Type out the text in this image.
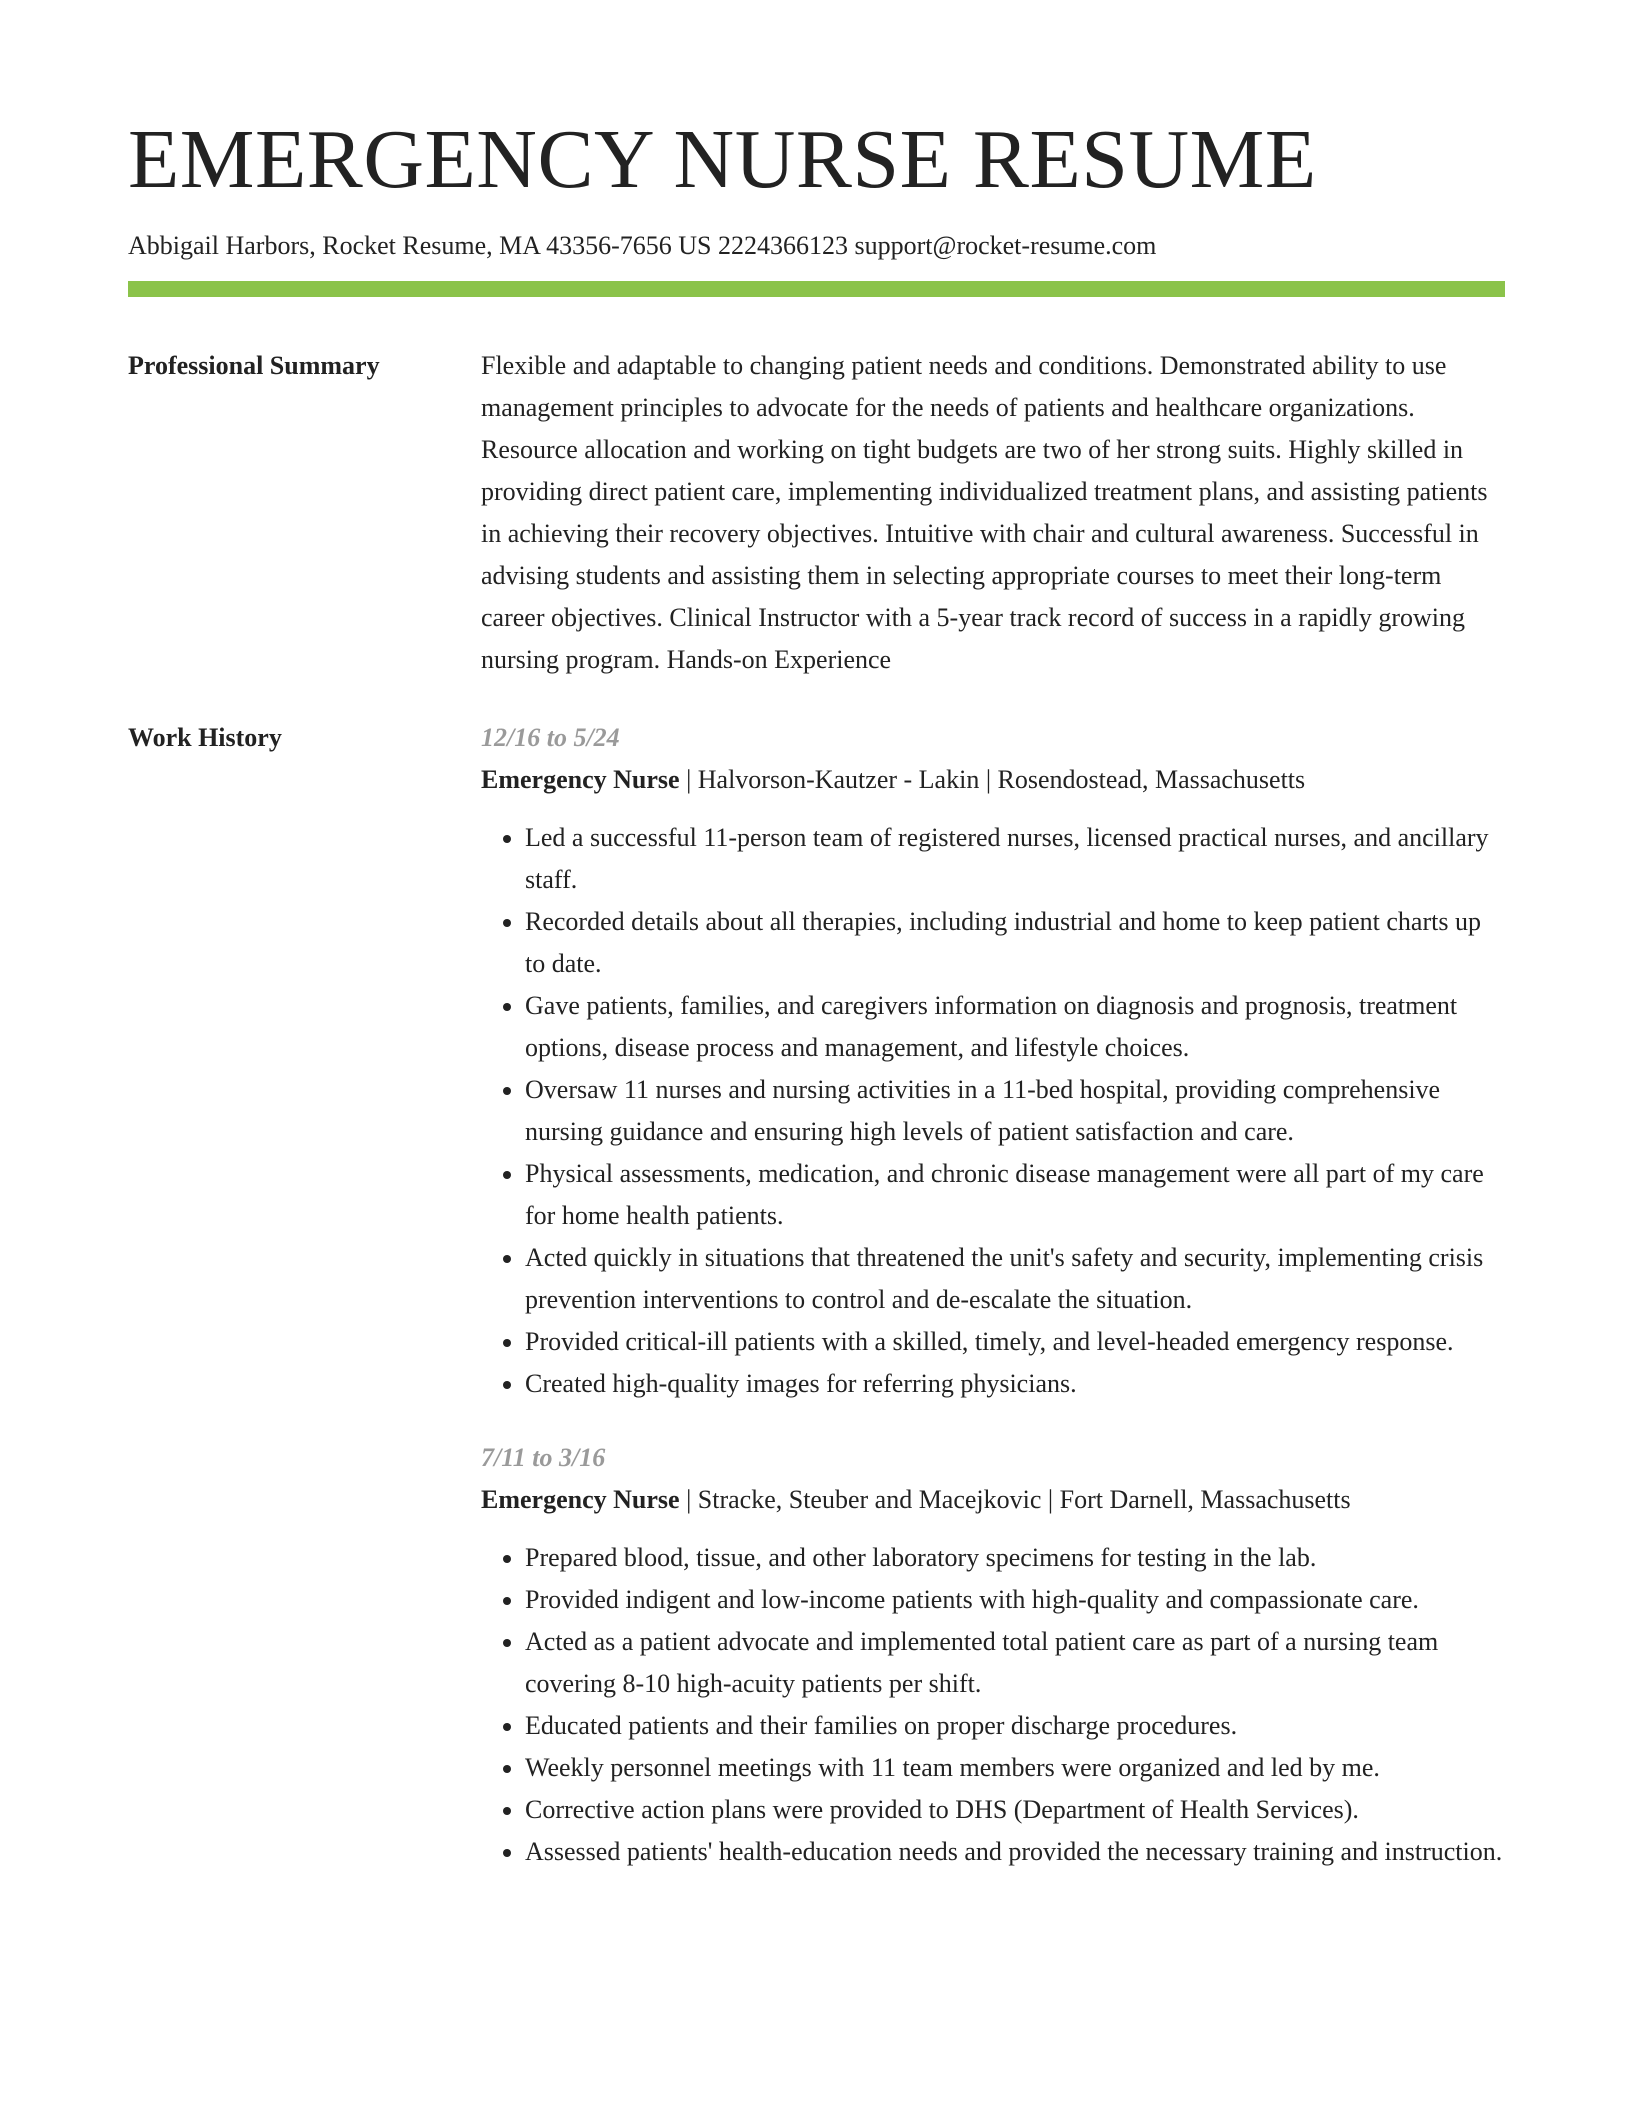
EMERGENCY NURSE RESUME
Abbigail Harbors, Rocket Resume, MA 43356-7656 US 2224366123 support@rocket-resume.com
Professional Summary	Flexible and adaptable to changing patient needs and conditions. Demonstrated ability to use management principles to advocate for the needs of patients and healthcare organizations. Resource allocation and working on tight budgets are two of her strong suits. Highly skilled in providing direct patient care, implementing individualized treatment plans, and assisting patients in achieving their recovery objectives. Intuitive with chair and cultural awareness. Successful in advising students and assisting them in selecting appropriate courses to meet their long-term career objectives. Clinical Instructor with a 5-year track record of success in a rapidly growing nursing program. Hands-on Experience

Work History	12/16 to 5/24
Emergency Nurse | Halvorson-Kautzer - Lakin | Rosendostead, Massachusetts
• Led a successful 11-person team of registered nurses, licensed practical nurses, and ancillary staff.
• Recorded details about all therapies, including industrial and home to keep patient charts up to date.
• Gave patients, families, and caregivers information on diagnosis and prognosis, treatment options, disease process and management, and lifestyle choices.
• Oversaw 11 nurses and nursing activities in a 11-bed hospital, providing comprehensive nursing guidance and ensuring high levels of patient satisfaction and care.
• Physical assessments, medication, and chronic disease management were all part of my care for home health patients.
• Acted quickly in situations that threatened the unit's safety and security, implementing crisis prevention interventions to control and de-escalate the situation.
• Provided critical-ill patients with a skilled, timely, and level-headed emergency response.
• Created high-quality images for referring physicians.
7/11 to 3/16
Emergency Nurse | Stracke, Steuber and Macejkovic | Fort Darnell, Massachusetts
• Prepared blood, tissue, and other laboratory specimens for testing in the lab.
• Provided indigent and low-income patients with high-quality and compassionate care.
• Acted as a patient advocate and implemented total patient care as part of a nursing team covering 8-10 high-acuity patients per shift.
• Educated patients and their families on proper discharge procedures.
• Weekly personnel meetings with 11 team members were organized and led by me.
• Corrective action plans were provided to DHS (Department of Health Services).
• Assessed patients' health-education needs and provided the necessary training and instruction.
